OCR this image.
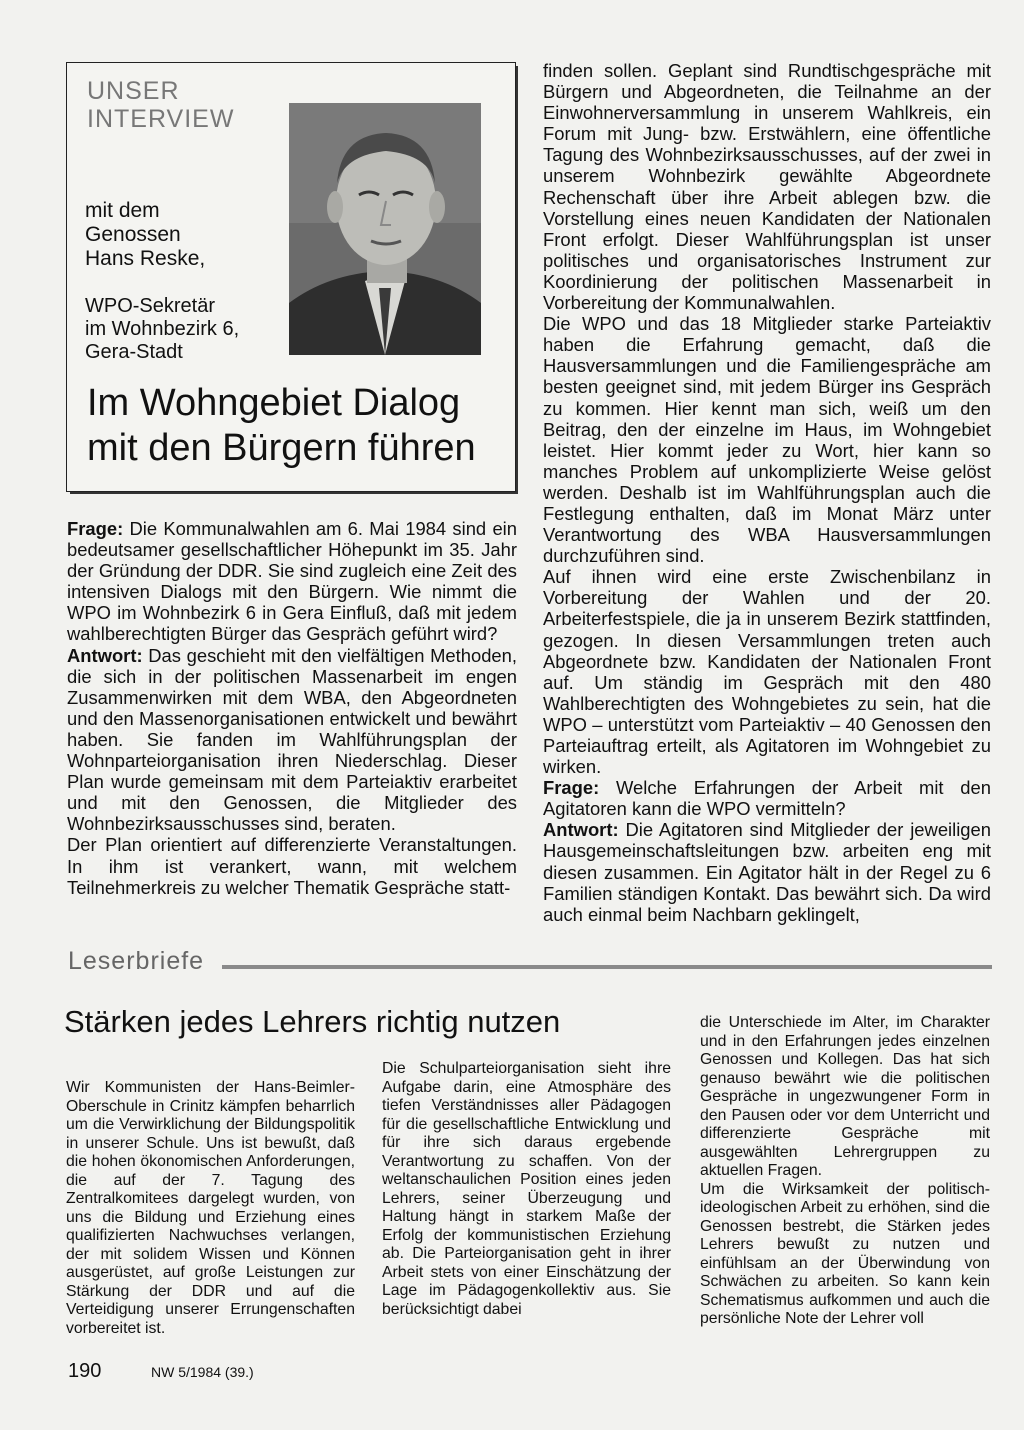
UNSER
INTERVIEW
mit dem
Genossen
Hans Reske,
WPO-Sekretär
im Wohnbezirk 6,
Gera-Stadt
Im Wohngebiet Dialog
mit den Bürgern führen

Frage: Die Kommunalwahlen am 6. Mai 1984 sind ein bedeutsamer gesellschaftlicher Höhepunkt im 35. Jahr der Gründung der DDR. Sie sind zugleich eine Zeit des intensiven Dialogs mit den Bürgern. Wie nimmt die WPO im Wohnbezirk 6 in Gera Einfluß, daß mit jedem wahlberechtigten Bürger das Gespräch geführt wird?

Antwort: Das geschieht mit den vielfältigen Methoden, die sich in der politischen Massenarbeit im engen Zusammenwirken mit dem WBA, den Abgeordneten und den Massenorganisationen entwickelt und bewährt haben. Sie fanden im Wahlführungsplan der Wohnparteiorganisation ihren Niederschlag. Dieser Plan wurde gemeinsam mit dem Parteiaktiv erarbeitet und mit den Genossen, die Mitglieder des Wohnbezirksausschusses sind, beraten.

Der Plan orientiert auf differenzierte Veranstaltungen. In ihm ist verankert, wann, mit welchem Teilnehmerkreis zu welcher Thematik Gespräche statt-

finden sollen. Geplant sind Rundtischgespräche mit Bürgern und Abgeordneten, die Teilnahme an der Einwohnerversammlung in unserem Wahlkreis, ein Forum mit Jung- bzw. Erstwählern, eine öffentliche Tagung des Wohnbezirksausschusses, auf der zwei in unserem Wohnbezirk gewählte Abgeordnete Rechenschaft über ihre Arbeit ablegen bzw. die Vorstellung eines neuen Kandidaten der Nationalen Front erfolgt. Dieser Wahlführungsplan ist unser politisches und organisatorisches Instrument zur Koordinierung der politischen Massenarbeit in Vorbereitung der Kommunalwahlen.

Die WPO und das 18 Mitglieder starke Parteiaktiv haben die Erfahrung gemacht, daß die Hausversammlungen und die Familiengespräche am besten geeignet sind, mit jedem Bürger ins Gespräch zu kommen. Hier kennt man sich, weiß um den Beitrag, den der einzelne im Haus, im Wohngebiet leistet. Hier kommt jeder zu Wort, hier kann so manches Problem auf unkomplizierte Weise gelöst werden. Deshalb ist im Wahlführungsplan auch die Festlegung enthalten, daß im Monat März unter Verantwortung des WBA Hausversammlungen durchzuführen sind.

Auf ihnen wird eine erste Zwischenbilanz in Vorbereitung der Wahlen und der 20. Arbeiterfestspiele, die ja in unserem Bezirk stattfinden, gezogen. In diesen Versammlungen treten auch Abgeordnete bzw. Kandidaten der Nationalen Front auf. Um ständig im Gespräch mit den 480 Wahlberechtigten des Wohngebietes zu sein, hat die WPO – unterstützt vom Parteiaktiv – 40 Genossen den Parteiauftrag erteilt, als Agitatoren im Wohngebiet zu wirken.

Frage: Welche Erfahrungen der Arbeit mit den Agitatoren kann die WPO vermitteln?

Antwort: Die Agitatoren sind Mitglieder der jeweiligen Hausgemeinschaftsleitungen bzw. arbeiten eng mit diesen zusammen. Ein Agitator hält in der Regel zu 6 Familien ständigen Kontakt. Das bewährt sich. Da wird auch einmal beim Nachbarn geklingelt,

Leserbriefe
Stärken jedes Lehrers richtig nutzen

Wir Kommunisten der Hans-Beimler-Oberschule in Crinitz kämpfen beharrlich um die Verwirklichung der Bildungspolitik in unserer Schule. Uns ist bewußt, daß die hohen ökonomischen Anforderungen, die auf der 7. Tagung des Zentralkomitees dargelegt wurden, von uns die Bildung und Erziehung eines qualifizierten Nachwuchses verlangen, der mit solidem Wissen und Können ausgerüstet, auf große Leistungen zur Stärkung der DDR und auf die Verteidigung unserer Errungenschaften vorbereitet ist.

Die Schulparteiorganisation sieht ihre Aufgabe darin, eine Atmosphäre des tiefen Verständnisses aller Pädagogen für die gesellschaftliche Entwicklung und für ihre sich daraus ergebende Verantwortung zu schaffen. Von der weltanschaulichen Position eines jeden Lehrers, seiner Überzeugung und Haltung hängt in starkem Maße der Erfolg der kommunistischen Erziehung ab. Die Parteiorganisation geht in ihrer Arbeit stets von einer Einschätzung der Lage im Pädagogenkollektiv aus. Sie berücksichtigt dabei

die Unterschiede im Alter, im Charakter und in den Erfahrungen jedes einzelnen Genossen und Kollegen. Das hat sich genauso bewährt wie die politischen Gespräche in ungezwungener Form in den Pausen oder vor dem Unterricht und differenzierte Gespräche mit ausgewählten Lehrergruppen zu aktuellen Fragen.

Um die Wirksamkeit der politisch-ideologischen Arbeit zu erhöhen, sind die Genossen bestrebt, die Stärken jedes Lehrers bewußt zu nutzen und einfühlsam an der Überwindung von Schwächen zu arbeiten. So kann kein Schematismus aufkommen und auch die persönliche Note der Lehrer voll

190	NW 5/1984 (39.)
